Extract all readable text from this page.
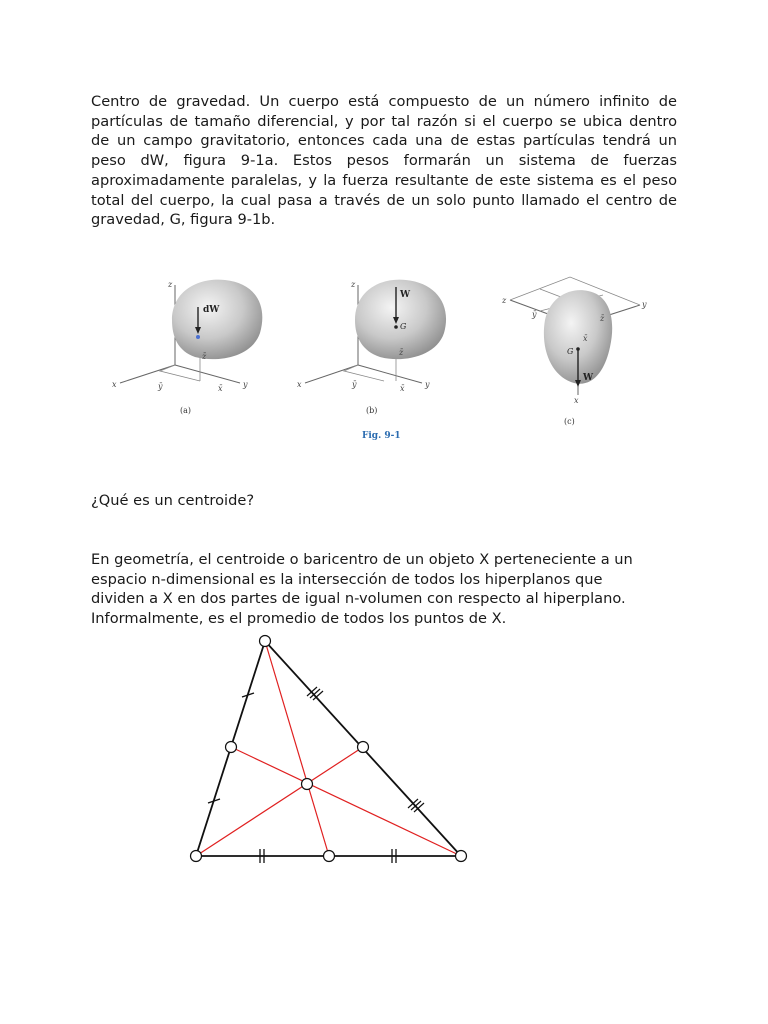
Centro de gravedad. Un cuerpo está compuesto de un número infinito de
partículas de tamaño diferencial, y por tal razón si el cuerpo se ubica dentro
de un campo gravitatorio, entonces cada una de estas partículas tendrá un
peso dW, figura 9-1a. Estos pesos formarán un sistema de fuerzas
aproximadamente paralelas, y la fuerza resultante de este sistema es el peso
total del cuerpo, la cual pasa a través de un solo punto llamado el centro de
gravedad, G, figura 9-1b.
dW
z
x	y
ȳ	x̄
z̄
(a)
W
G
z
x	y
ȳ	x̄
z̄
(b)
W
G
z
x
y
ȳ
x̄
z̄
(c)
Fig. 9-1
¿Qué es un centroide?
En geometría, el centroide o baricentro de un objeto X perteneciente a un
espacio n-dimensional es la intersección de todos los hiperplanos que
dividen a X en dos partes de igual n-volumen con respecto al hiperplano.
Informalmente, es el promedio de todos los puntos de X.
